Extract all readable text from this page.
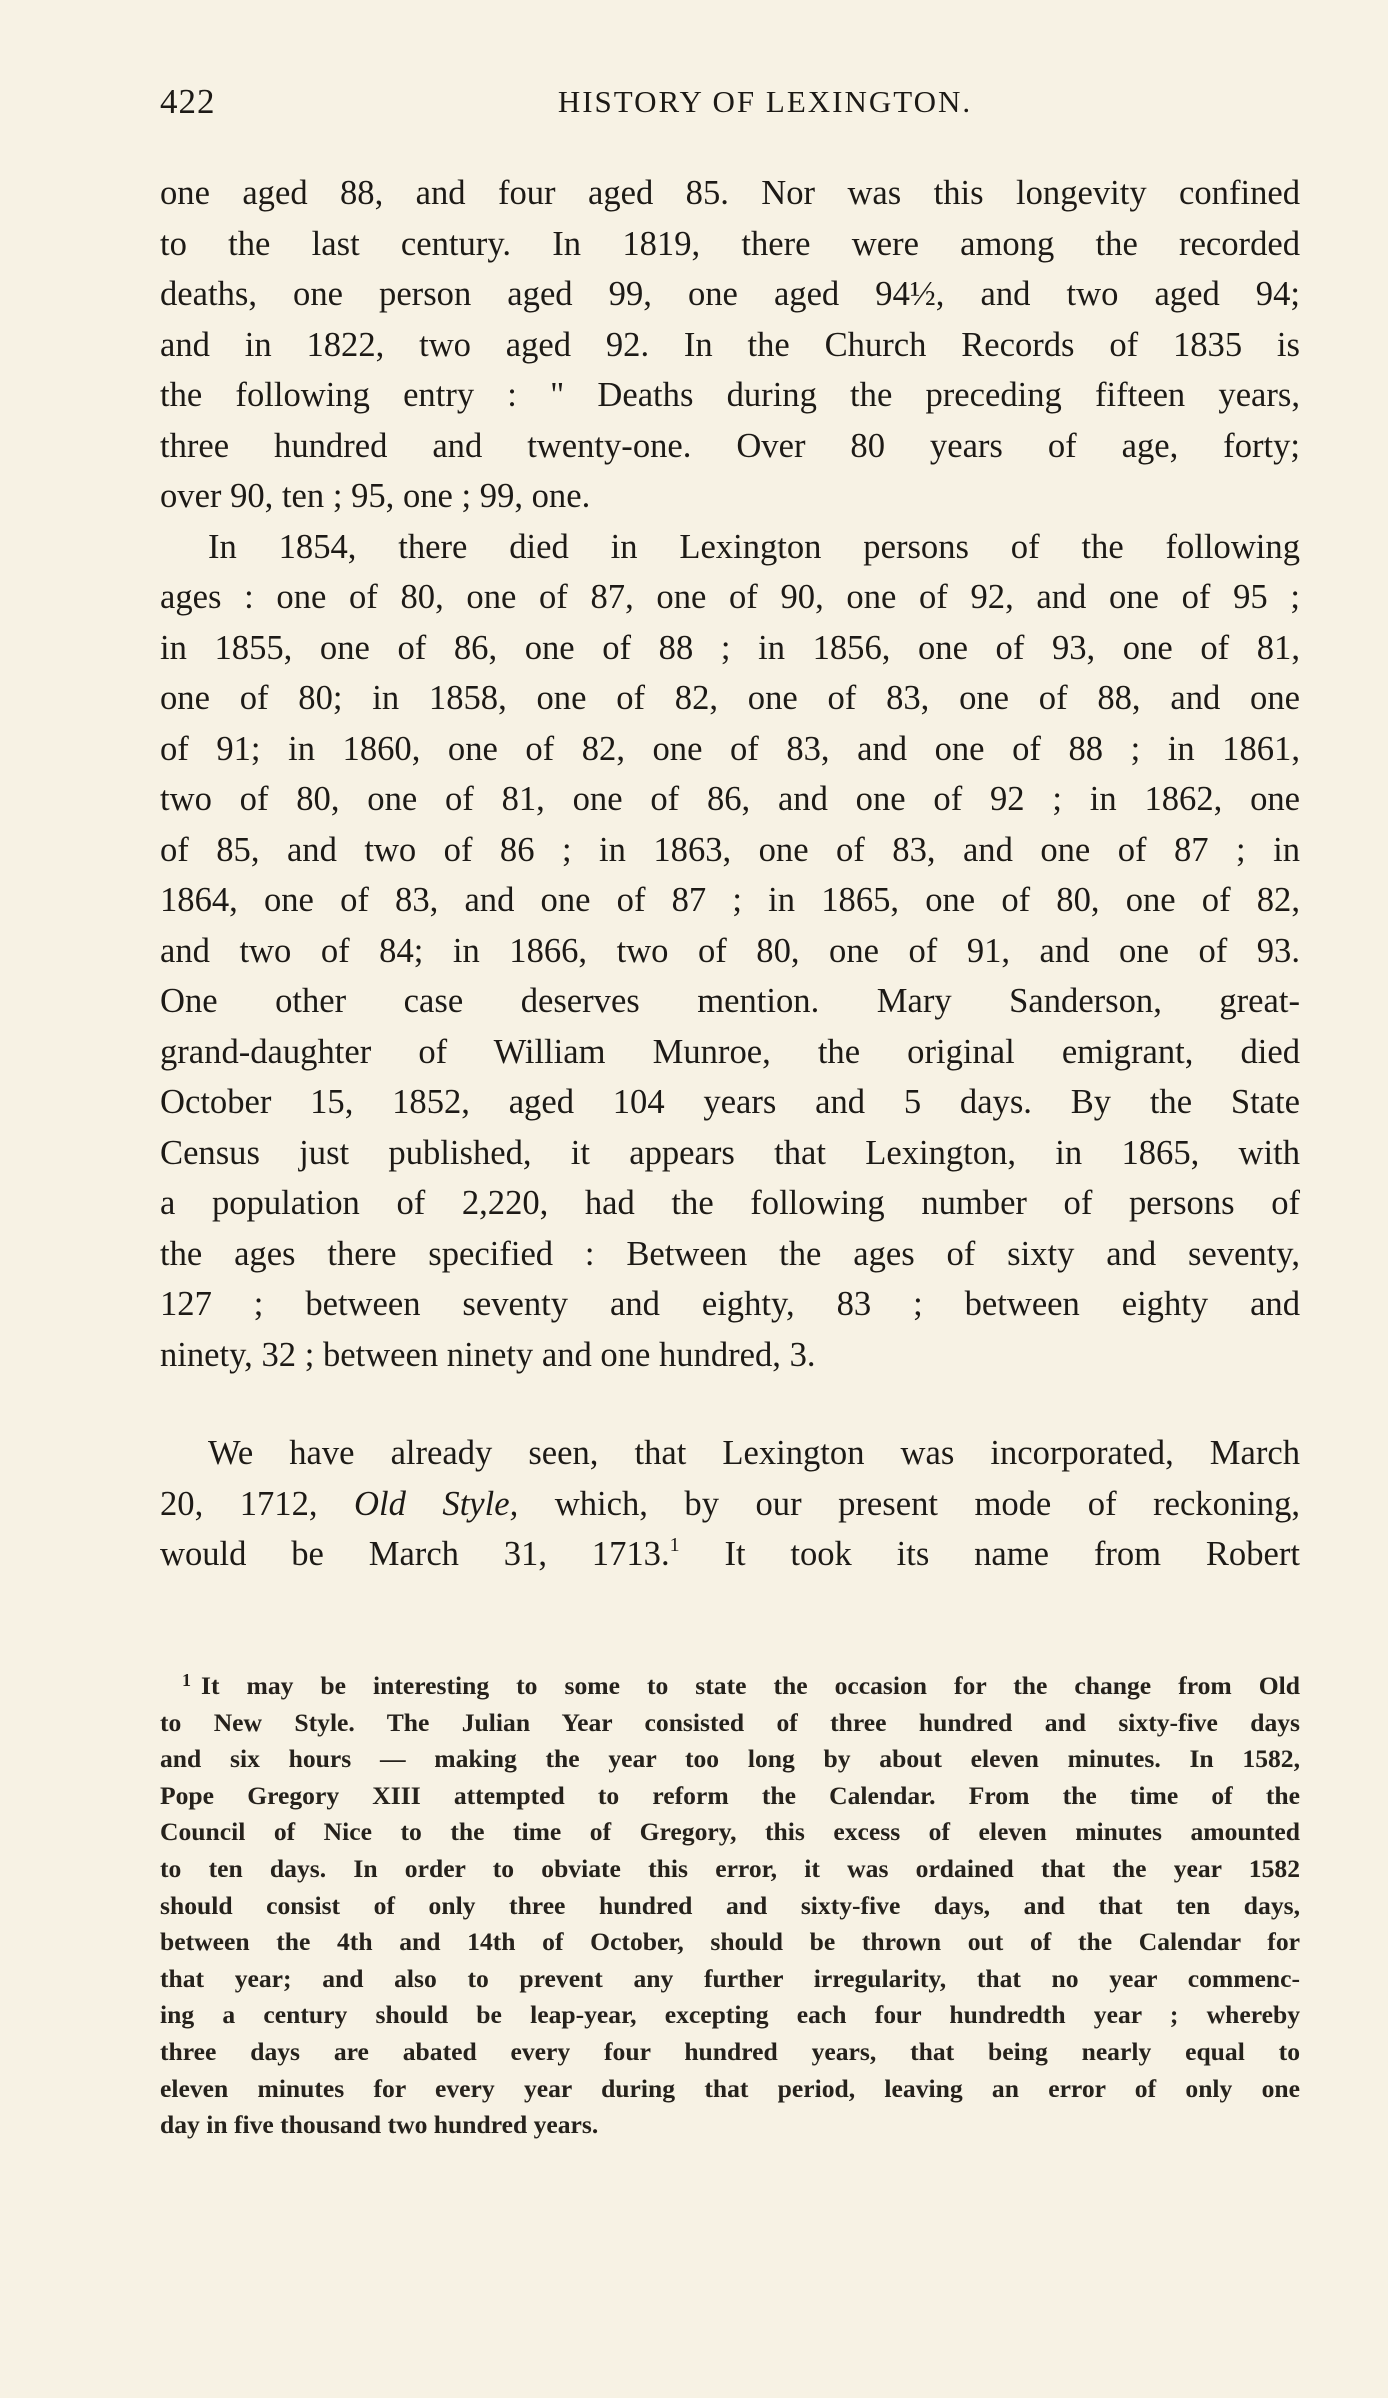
422	HISTORY OF LEXINGTON.
one aged 88, and four aged 85. Nor was this longevity confined
to the last century. In 1819, there were among the recorded
deaths, one person aged 99, one aged 94½, and two aged 94;
and in 1822, two aged 92. In the Church Records of 1835 is
the following entry : " Deaths during the preceding fifteen years,
three hundred and twenty-one. Over 80 years of age, forty;
over 90, ten ; 95, one ; 99, one.
In 1854, there died in Lexington persons of the following
ages : one of 80, one of 87, one of 90, one of 92, and one of 95 ;
in 1855, one of 86, one of 88 ; in 1856, one of 93, one of 81,
one of 80; in 1858, one of 82, one of 83, one of 88, and one
of 91; in 1860, one of 82, one of 83, and one of 88 ; in 1861,
two of 80, one of 81, one of 86, and one of 92 ; in 1862, one
of 85, and two of 86 ; in 1863, one of 83, and one of 87 ; in
1864, one of 83, and one of 87 ; in 1865, one of 80, one of 82,
and two of 84; in 1866, two of 80, one of 91, and one of 93.
One other case deserves mention. Mary Sanderson, great-
grand-daughter of William Munroe, the original emigrant, died
October 15, 1852, aged 104 years and 5 days. By the State
Census just published, it appears that Lexington, in 1865, with
a population of 2,220, had the following number of persons of
the ages there specified : Between the ages of sixty and seventy,
127 ; between seventy and eighty, 83 ; between eighty and
ninety, 32 ; between ninety and one hundred, 3.
We have already seen, that Lexington was incorporated, March
20, 1712, Old Style, which, by our present mode of reckoning,
would be March 31, 1713.$^1$ It took its name from Robert
$^1$ It may be interesting to some to state the occasion for the change from Old
to New Style. The Julian Year consisted of three hundred and sixty-five days
and six hours — making the year too long by about eleven minutes. In 1582,
Pope Gregory XIII attempted to reform the Calendar. From the time of the
Council of Nice to the time of Gregory, this excess of eleven minutes amounted
to ten days. In order to obviate this error, it was ordained that the year 1582
should consist of only three hundred and sixty-five days, and that ten days,
between the 4th and 14th of October, should be thrown out of the Calendar for
that year; and also to prevent any further irregularity, that no year commenc-
ing a century should be leap-year, excepting each four hundredth year ; whereby
three days are abated every four hundred years, that being nearly equal to
eleven minutes for every year during that period, leaving an error of only one
day in five thousand two hundred years.
